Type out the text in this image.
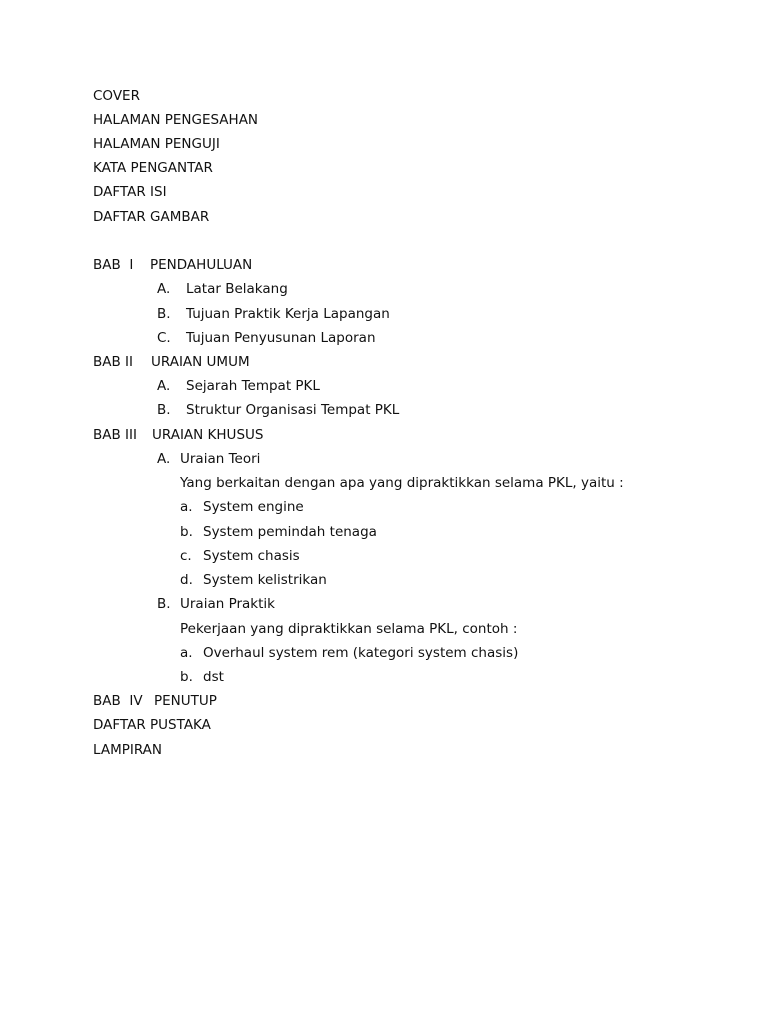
COVER
HALAMAN PENGESAHAN
HALAMAN PENGUJI
KATA PENGANTAR
DAFTAR ISI
DAFTAR GAMBAR
BAB  I PENDAHULUAN
A. Latar Belakang
B. Tujuan Praktik Kerja Lapangan
C. Tujuan Penyusunan Laporan
BAB II URAIAN UMUM
A. Sejarah Tempat PKL
B. Struktur Organisasi Tempat PKL
BAB III URAIAN KHUSUS
A. Uraian Teori
Yang berkaitan dengan apa yang dipraktikkan selama PKL, yaitu :
a. System engine
b. System pemindah tenaga
c. System chasis
d. System kelistrikan
B. Uraian Praktik
Pekerjaan yang dipraktikkan selama PKL, contoh :
a. Overhaul system rem (kategori system chasis)
b. dst
BAB  IV PENUTUP
DAFTAR PUSTAKA
LAMPIRAN
